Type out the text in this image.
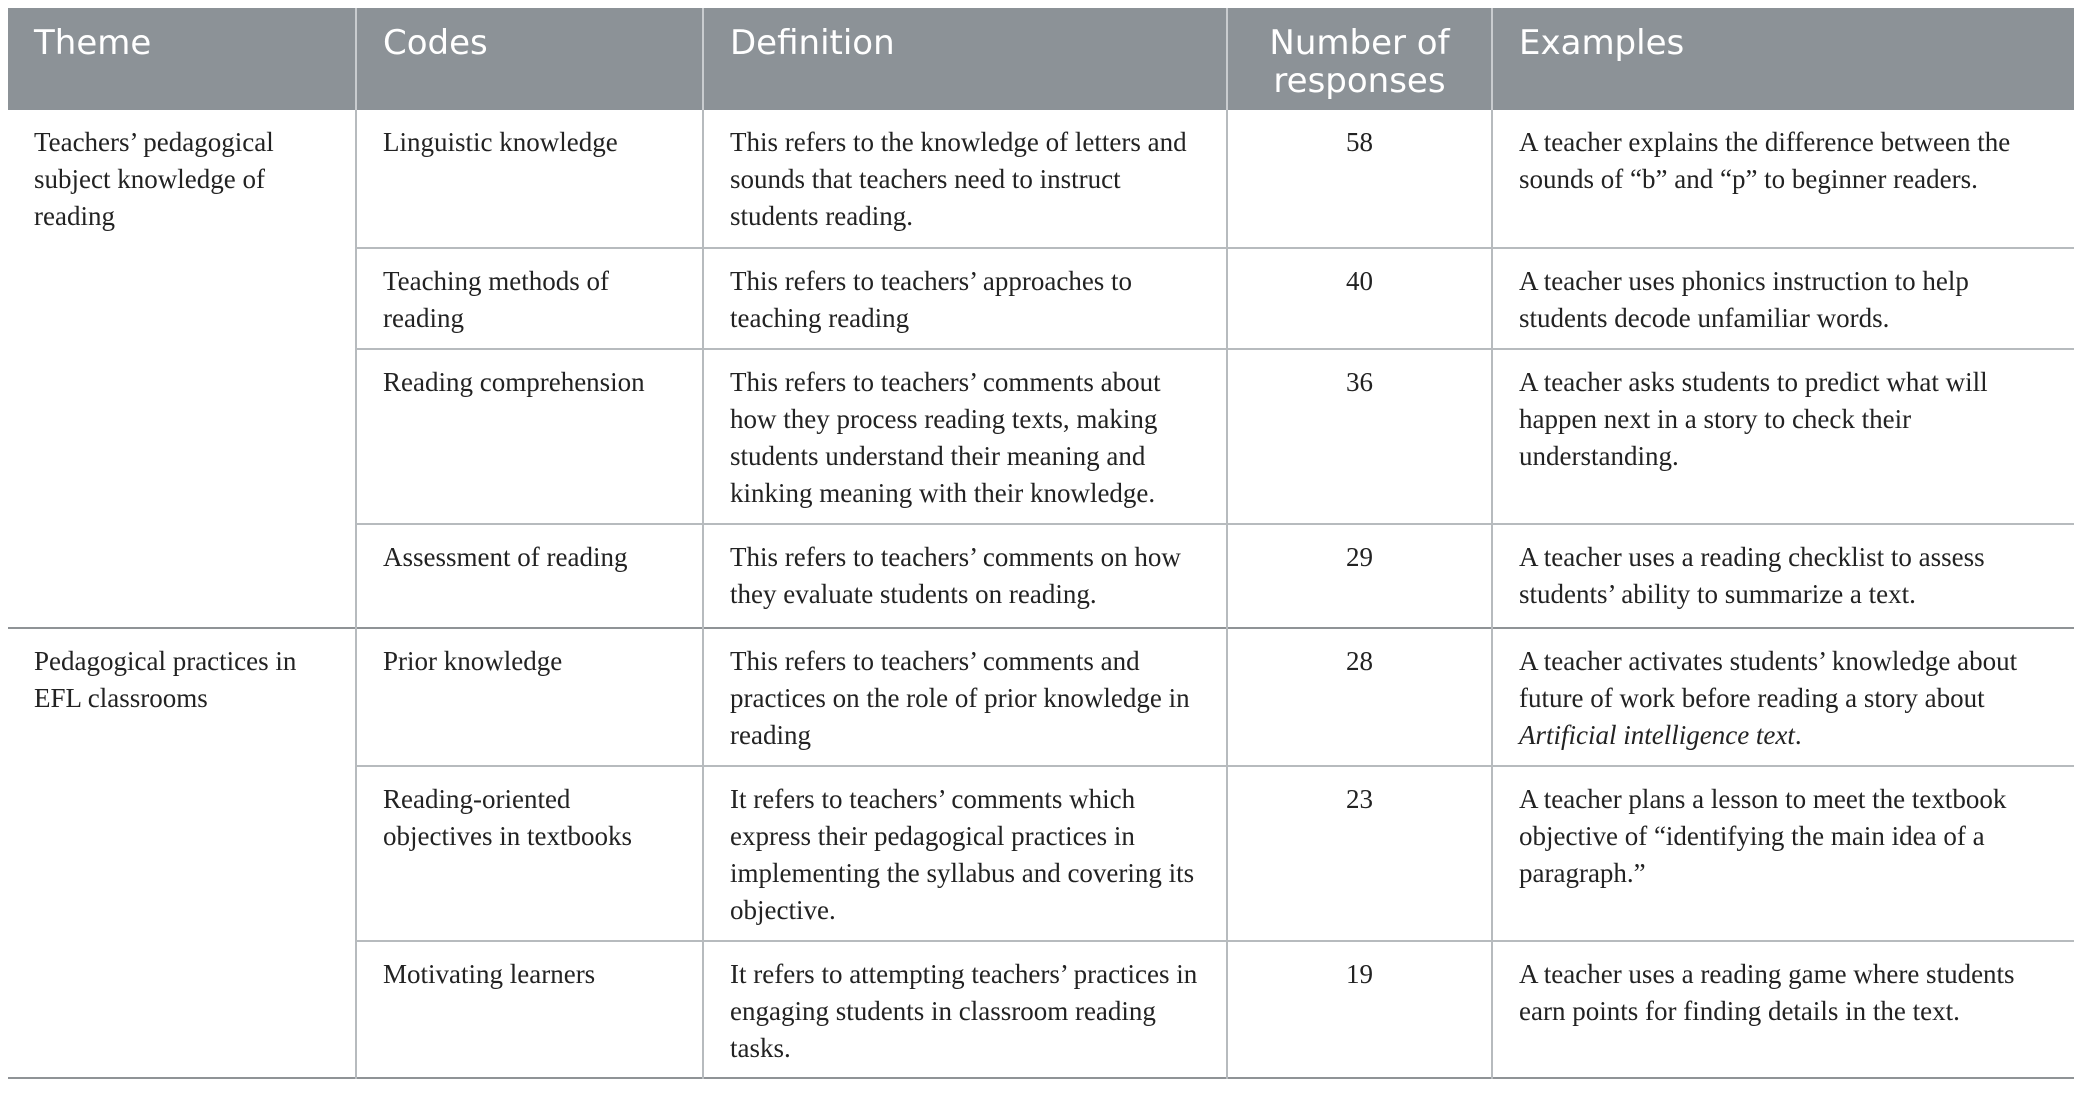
Theme	Codes	Definition	Number of responses	Examples
Teachers’ pedagogical subject knowledge of reading	Linguistic knowledge	This refers to the knowledge of letters and sounds that teachers need to instruct students reading.	58	A teacher explains the difference between the sounds of “b” and “p” to beginner readers.
	Teaching methods of reading	This refers to teachers’ approaches to teaching reading	40	A teacher uses phonics instruction to help students decode unfamiliar words.
	Reading comprehension	This refers to teachers’ comments about how they process reading texts, making students understand their meaning and kinking meaning with their knowledge.	36	A teacher asks students to predict what will happen next in a story to check their understanding.
	Assessment of reading	This refers to teachers’ comments on how they evaluate students on reading.	29	A teacher uses a reading checklist to assess students’ ability to summarize a text.
Pedagogical practices in EFL classrooms	Prior knowledge	This refers to teachers’ comments and practices on the role of prior knowledge in reading	28	A teacher activates students’ knowledge about future of work before reading a story about Artificial intelligence text.
	Reading-oriented objectives in textbooks	It refers to teachers’ comments which express their pedagogical practices in implementing the syllabus and covering its objective.	23	A teacher plans a lesson to meet the textbook objective of “identifying the main idea of a paragraph.”
	Motivating learners	It refers to attempting teachers’ practices in engaging students in classroom reading tasks.	19	A teacher uses a reading game where students earn points for finding details in the text.
